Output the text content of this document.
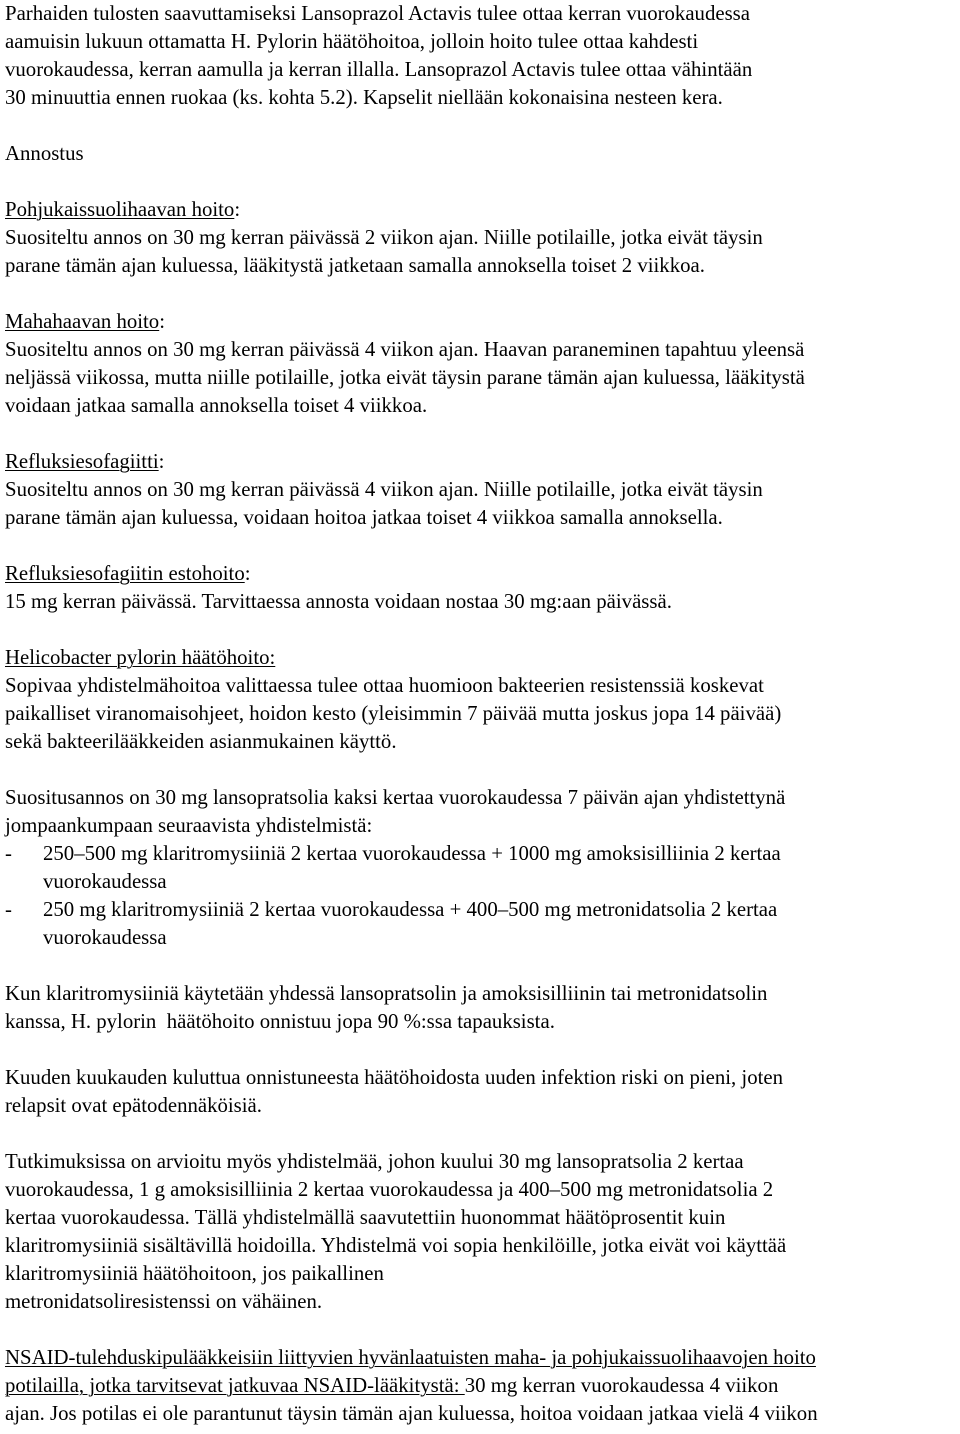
Parhaiden tulosten saavuttamiseksi Lansoprazol Actavis tulee ottaa kerran vuorokaudessa
aamuisin lukuun ottamatta H. Pylorin häätöhoitoa, jolloin hoito tulee ottaa kahdesti
vuorokaudessa, kerran aamulla ja kerran illalla. Lansoprazol Actavis tulee ottaa vähintään
30 minuuttia ennen ruokaa (ks. kohta 5.2). Kapselit niellään kokonaisina nesteen kera.
Annostus
Pohjukaissuolihaavan hoito:
Suositeltu annos on 30 mg kerran päivässä 2 viikon ajan. Niille potilaille, jotka eivät täysin
parane tämän ajan kuluessa, lääkitystä jatketaan samalla annoksella toiset 2 viikkoa.
Mahahaavan hoito:
Suositeltu annos on 30 mg kerran päivässä 4 viikon ajan. Haavan paraneminen tapahtuu yleensä
neljässä viikossa, mutta niille potilaille, jotka eivät täysin parane tämän ajan kuluessa, lääkitystä
voidaan jatkaa samalla annoksella toiset 4 viikkoa.
Refluksiesofagiitti:
Suositeltu annos on 30 mg kerran päivässä 4 viikon ajan. Niille potilaille, jotka eivät täysin
parane tämän ajan kuluessa, voidaan hoitoa jatkaa toiset 4 viikkoa samalla annoksella.
Refluksiesofagiitin estohoito:
15 mg kerran päivässä. Tarvittaessa annosta voidaan nostaa 30 mg:aan päivässä.
Helicobacter pylorin häätöhoito:
Sopivaa yhdistelmähoitoa valittaessa tulee ottaa huomioon bakteerien resistenssiä koskevat
paikalliset viranomaisohjeet, hoidon kesto (yleisimmin 7 päivää mutta joskus jopa 14 päivää)
sekä bakteerilääkkeiden asianmukainen käyttö.
Suositusannos on 30 mg lansopratsolia kaksi kertaa vuorokaudessa 7 päivän ajan yhdistettynä
jompaankumpaan seuraavista yhdistelmistä:
- 250–500 mg klaritromysiiniä 2 kertaa vuorokaudessa + 1000 mg amoksisilliinia 2 kertaa
vuorokaudessa
- 250 mg klaritromysiiniä 2 kertaa vuorokaudessa + 400–500 mg metronidatsolia 2 kertaa
vuorokaudessa
Kun klaritromysiiniä käytetään yhdessä lansopratsolin ja amoksisilliinin tai metronidatsolin
kanssa, H. pylorin  häätöhoito onnistuu jopa 90 %:ssa tapauksista.
Kuuden kuukauden kuluttua onnistuneesta häätöhoidosta uuden infektion riski on pieni, joten
relapsit ovat epätodennäköisiä.
Tutkimuksissa on arvioitu myös yhdistelmää, johon kuului 30 mg lansopratsolia 2 kertaa
vuorokaudessa, 1 g amoksisilliinia 2 kertaa vuorokaudessa ja 400–500 mg metronidatsolia 2
kertaa vuorokaudessa. Tällä yhdistelmällä saavutettiin huonommat häätöprosentit kuin
klaritromysiiniä sisältävillä hoidoilla. Yhdistelmä voi sopia henkilöille, jotka eivät voi käyttää
klaritromysiiniä häätöhoitoon, jos paikallinen
metronidatsoliresistenssi on vähäinen.
NSAID-tulehduskipulääkkeisiin liittyvien hyvänlaatuisten maha- ja pohjukaissuolihaavojen hoito
potilailla, jotka tarvitsevat jatkuvaa NSAID-lääkitystä: 30 mg kerran vuorokaudessa 4 viikon
ajan. Jos potilas ei ole parantunut täysin tämän ajan kuluessa, hoitoa voidaan jatkaa vielä 4 viikon
